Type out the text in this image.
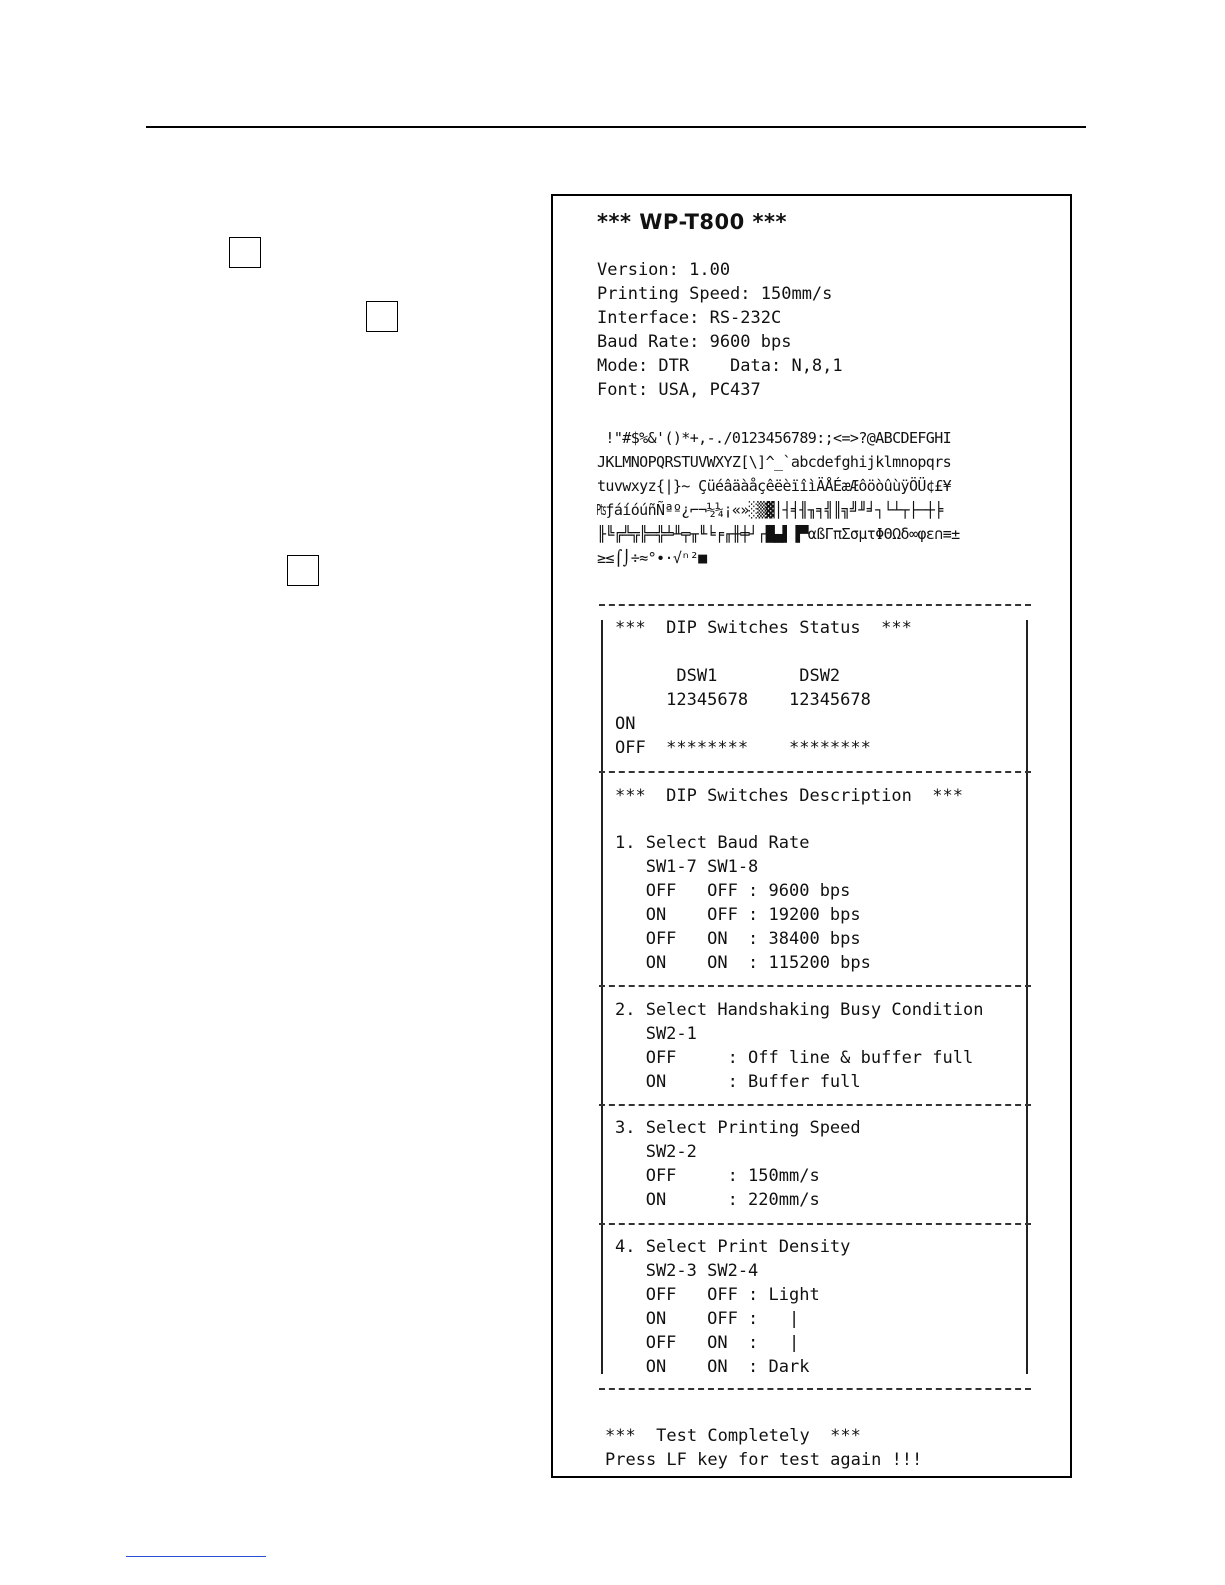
*** WP-T800 ***
Version: 1.00
Printing Speed: 150mm/s
Interface: RS-232C
Baud Rate: 9600 bps
Mode: DTR    Data: N,8,1
Font: USA, PC437
!"#$%&'()*+,-./0123456789:;<=>?@ABCDEFGHI
JKLMNOPQRSTUVWXYZ[\]^_`abcdefghijklmnopqrs
tuvwxyz{|}~ ÇüéâäàåçêëèïîìÄÅÉæÆôöòûùÿÖÜ¢£¥
₧ƒáíóúñÑªº¿⌐¬½¼¡«»░▒▓│┤╡╢╖╕╣║╗╝╜╛┐└┴┬├─┼╞
╟╚╔╩╦╠═╬╧╨╤╥╙╘╒╓╫╪┘┌█▄▌▐▀αßΓπΣσµτΦΘΩδ∞φε∩≡±
≥≤⌠⌡÷≈°∙·√ⁿ²■
***  DIP Switches Status  ***
DSW1        DSW2
12345678    12345678
ON
OFF  ********    ********
***  DIP Switches Description  ***
1. Select Baud Rate
SW1-7 SW1-8
OFF   OFF : 9600 bps
ON    OFF : 19200 bps
OFF   ON  : 38400 bps
ON    ON  : 115200 bps
2. Select Handshaking Busy Condition
SW2-1
OFF     : Off line & buffer full
ON      : Buffer full
3. Select Printing Speed
SW2-2
OFF     : 150mm/s
ON      : 220mm/s
4. Select Print Density
SW2-3 SW2-4
OFF   OFF : Light
ON    OFF :   |
OFF   ON  :   |
ON    ON  : Dark
***  Test Completely  ***
Press LF key for test again !!!
